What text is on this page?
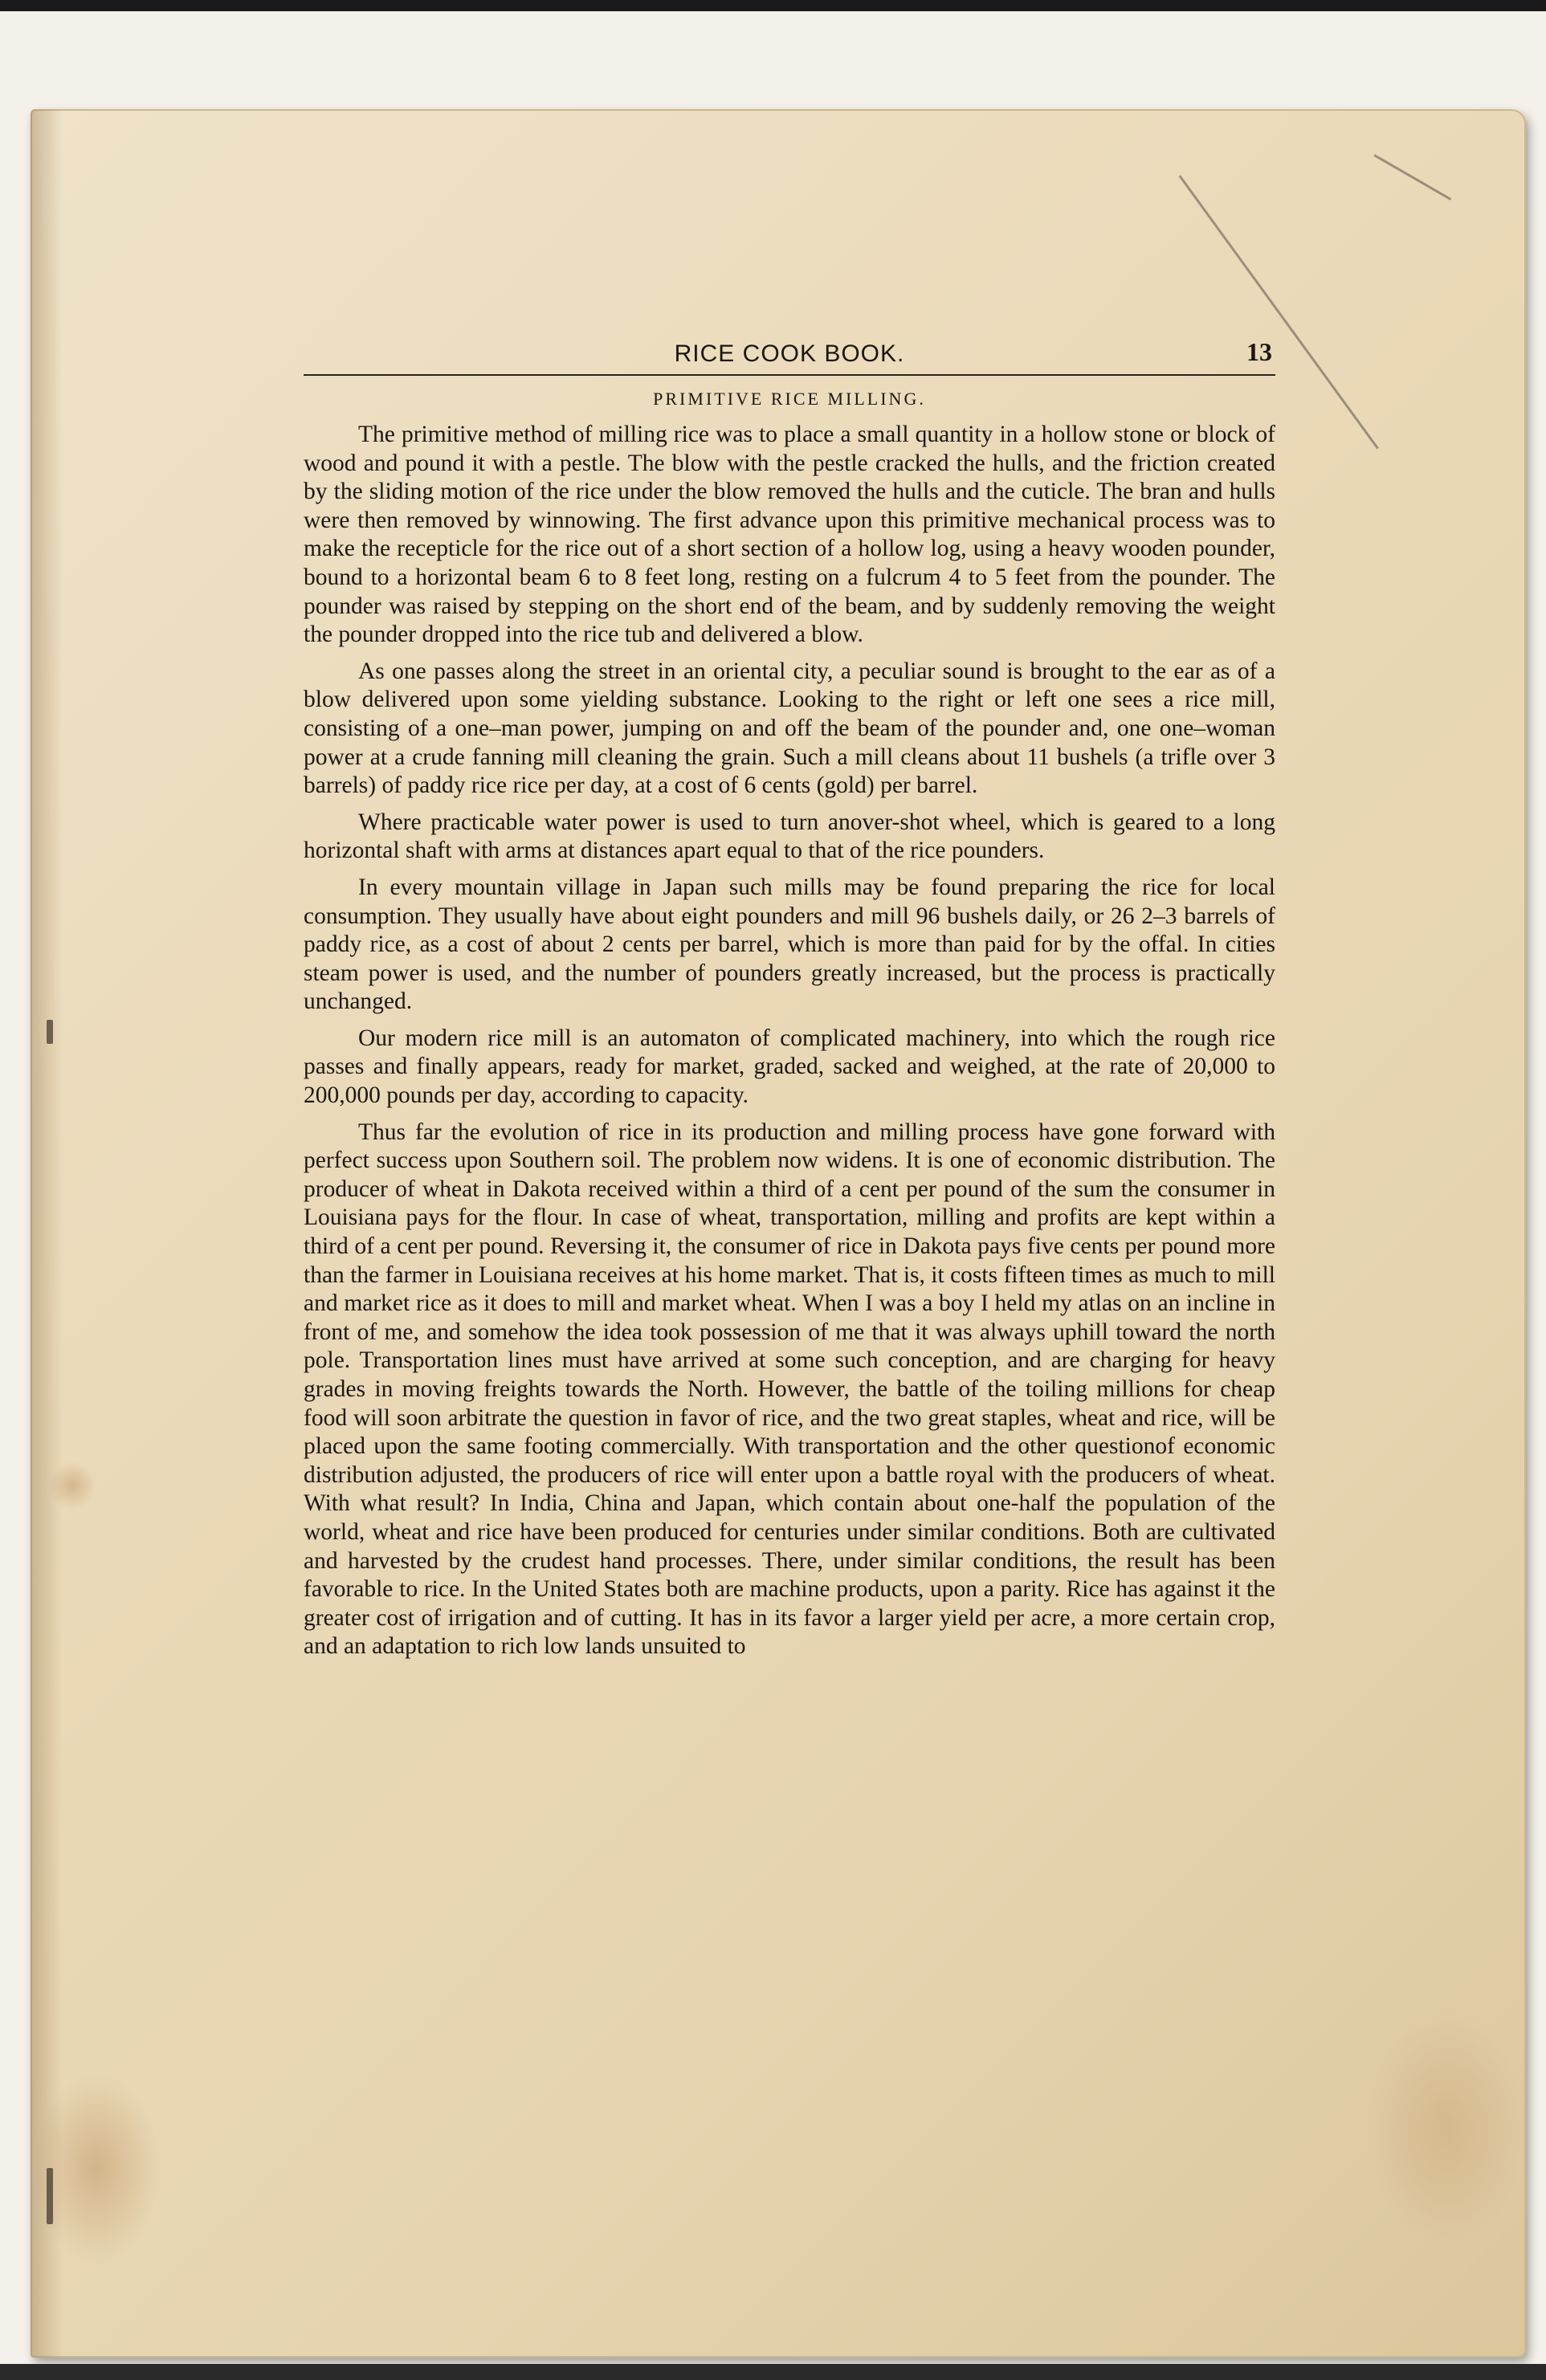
RICE COOK BOOK.	13
PRIMITIVE RICE MILLING.

The primitive method of milling rice was to place a small quantity in a hollow stone or block of wood and pound it with a pestle. The blow with the pestle cracked the hulls, and the friction created by the sliding motion of the rice under the blow removed the hulls and the cuticle. The bran and hulls were then removed by winnowing. The first advance upon this primitive mechanical process was to make the recepticle for the rice out of a short section of a hollow log, using a heavy wooden pounder, bound to a horizontal beam 6 to 8 feet long, resting on a fulcrum 4 to 5 feet from the pounder. The pounder was raised by stepping on the short end of the beam, and by suddenly removing the weight the pounder dropped into the rice tub and delivered a blow.

As one passes along the street in an oriental city, a peculiar sound is brought to the ear as of a blow delivered upon some yielding substance. Looking to the right or left one sees a rice mill, consisting of a one–man power, jumping on and off the beam of the pounder and, one one–woman power at a crude fanning mill cleaning the grain. Such a mill cleans about 11 bushels (a trifle over 3 barrels) of paddy rice rice per day, at a cost of 6 cents (gold) per barrel.

Where practicable water power is used to turn anover-shot wheel, which is geared to a long horizontal shaft with arms at distances apart equal to that of the rice pounders.

In every mountain village in Japan such mills may be found preparing the rice for local consumption. They usually have about eight pounders and mill 96 bushels daily, or 26 2–3 barrels of paddy rice, as a cost of about 2 cents per barrel, which is more than paid for by the offal. In cities steam power is used, and the number of pounders greatly increased, but the process is practically unchanged.

Our modern rice mill is an automaton of complicated machinery, into which the rough rice passes and finally appears, ready for market, graded, sacked and weighed, at the rate of 20,000 to 200,000 pounds per day, according to capacity.

Thus far the evolution of rice in its production and milling process have gone forward with perfect success upon Southern soil. The problem now widens. It is one of economic distribution. The producer of wheat in Dakota received within a third of a cent per pound of the sum the consumer in Louisiana pays for the flour. In case of wheat, transportation, milling and profits are kept within a third of a cent per pound. Reversing it, the consumer of rice in Dakota pays five cents per pound more than the farmer in Louisiana receives at his home market. That is, it costs fifteen times as much to mill and market rice as it does to mill and market wheat. When I was a boy I held my atlas on an incline in front of me, and somehow the idea took possession of me that it was always uphill toward the north pole. Transportation lines must have arrived at some such conception, and are charging for heavy grades in moving freights towards the North. However, the battle of the toiling millions for cheap food will soon arbitrate the question in favor of rice, and the two great staples, wheat and rice, will be placed upon the same footing commercially. With transportation and the other questionof economic distribution adjusted, the producers of rice will enter upon a battle royal with the producers of wheat. With what result? In India, China and Japan, which contain about one-half the population of the world, wheat and rice have been produced for centuries under similar conditions. Both are cultivated and harvested by the crudest hand processes. There, under similar conditions, the result has been favorable to rice. In the United States both are machine products, upon a parity. Rice has against it the greater cost of irrigation and of cutting. It has in its favor a larger yield per acre, a more certain crop, and an adaptation to rich low lands unsuited to
